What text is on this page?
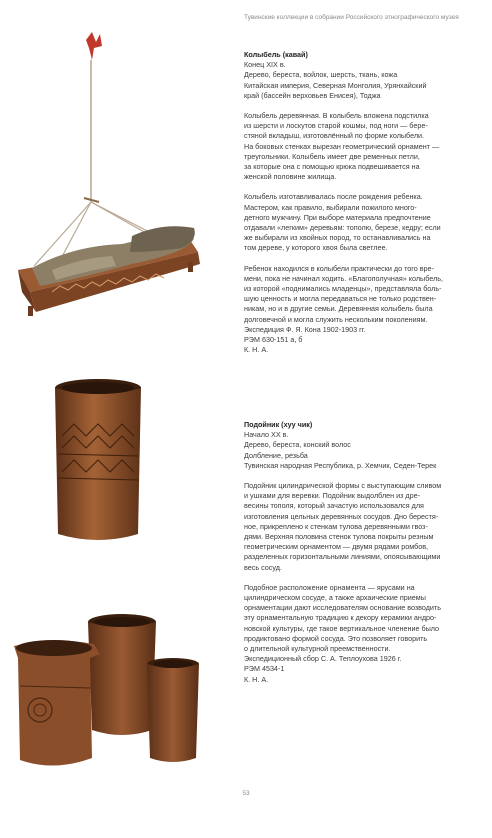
Тувинские коллекции в собрании Российского этнографического музея

Колыбель (кавай)

Конец XIX в.

Дерево, береста, войлок, шерсть, ткань, кожа

Китайская империя, Северная Монголия, Урянхайский

край (бассейн верховьев Енисея), Тоджа

Колыбель деревянная. В колыбель вложена подстилка

из шерсти и лоскутов старой кошмы, под ноги — бере-

стяной вкладыш, изготовлённый по форме колыбели.

На боковых стенках вырезан геометрический орнамент —

треугольники. Колыбель имеет две ременных петли,

за которые она с помощью крюка подвешивается на

женской половине жилища.

Колыбель изготавливалась после рождения ребенка.

Мастером, как правило, выбирали пожилого много-

детного мужчину. При выборе материала предпочтение

отдавали «легким» деревьям: тополю, березе, кедру; если

же выбирали из хвойных пород, то останавливались на

том дереве, у которого хвоя была светлее.

Ребенок находился в колыбели практически до того вре-

мени, пока не начинал ходить. «Благополучная» колыбель,

из которой «поднимались младенцы», представляла боль-

шую ценность и могла передаваться не только родствен-

никам, но и в другие семьи. Деревянная колыбель была

долговечной и могла служить нескольким поколениям.

Экспедиция Ф. Я. Кона 1902-1903 гг.

РЭМ 630-151 а, б

К. Н. А.

Подойник (хуу чик)

Начало XX в.

Дерево, береста, конский волос

Долбление, резьба

Тувинская народная Республика, р. Хемчик, Седен-Терек

Подойник цилиндрической формы с выступающим сливом

и ушками для веревки. Подойник выдолблен из дре-

весины тополя, который зачастую использовался для

изготовления цельных деревянных сосудов. Дно берестя-

ное, прикреплено к стенкам тулова деревянными гвоз-

дями. Верхняя половина стенок тулова покрыты резным

геометрическим орнаментом — двумя рядами ромбов,

разделенных горизонтальными линиями, опоясывающими

весь сосуд.

Подобное расположение орнамента — ярусами на

цилиндрическом сосуде, а также архаические приемы

орнаментации дают исследователям основание возводить

эту орнаментальную традицию к декору керамики андро-

новской культуры, где такое вертикальное членение было

продиктовано формой сосуда. Это позволяет говорить

о длительной культурной преемственности.

Экспедиционный сбор С. А. Теплоухова 1926 г.

РЭМ 4534-1

К. Н. А.

53
